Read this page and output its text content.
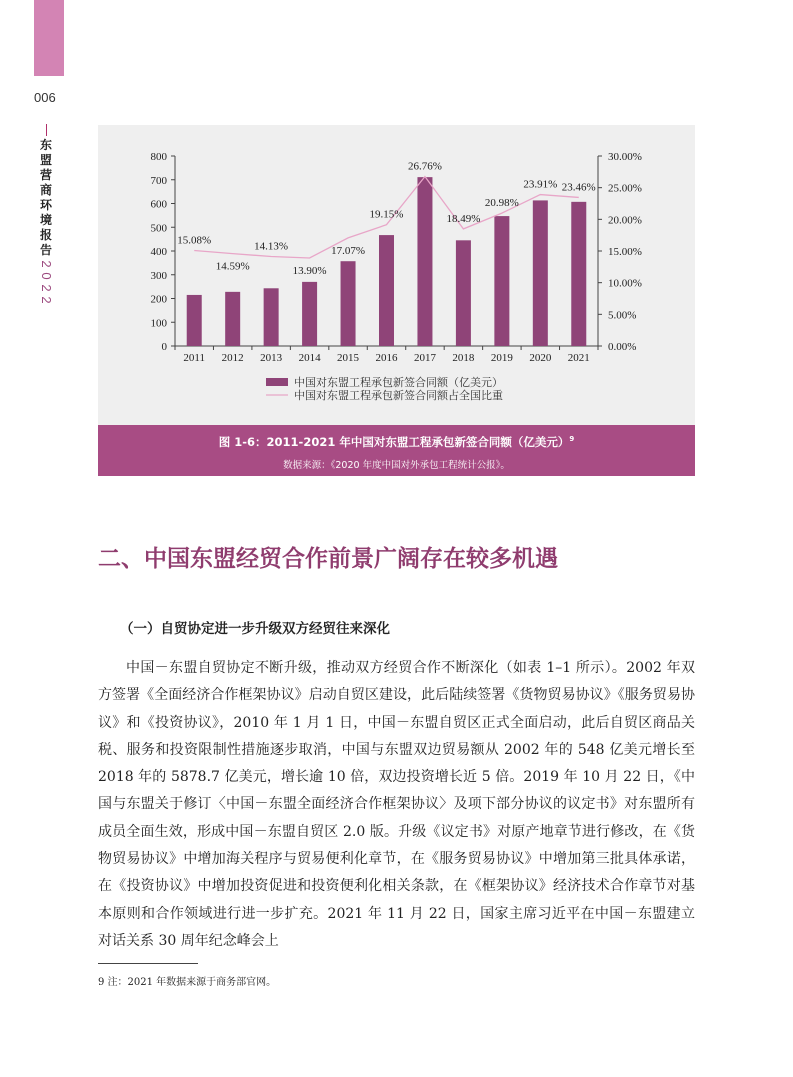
006
东
盟
营
商
环
境
报
告
2
0
2
2
0
100
200
300
400
500
600
700
800
0.00%
5.00%
10.00%
15.00%
20.00%
25.00%
30.00%
2011 2012 2013 2014 2015 2016 2017 2018 2019 2020 2021
15.08%
14.59%
14.13%
13.90%
17.07%
19.15%
26.76%
18.49%
20.98%
23.91% 23.46%
中国对东盟工程承包新签合同额（亿美元）
中国对东盟工程承包新签合同额占全国比重
图 1-6：2011-2021 年中国对东盟工程承包新签合同额（亿美元）$^9$
数据来源：《2020 年度中国对外承包工程统计公报》。
二、中国东盟经贸合作前景广阔存在较多机遇
（一）自贸协定进一步升级双方经贸往来深化

中国－东盟自贸协定不断升级，推动双方经贸合作不断深化（如表 1–1 所示）。2002 年双方签署《全面经济合作框架协议》启动自贸区建设，此后陆续签署《货物贸易协议》《服务贸易协议》和《投资协议》，2010 年 1 月 1 日，中国－东盟自贸区正式全面启动，此后自贸区商品关税、服务和投资限制性措施逐步取消，中国与东盟双边贸易额从 2002 年的 548 亿美元增长至 2018 年的 5878.7 亿美元，增长逾 10 倍，双边投资增长近 5 倍。2019 年 10 月 22 日，《中国与东盟关于修订〈中国－东盟全面经济合作框架协议〉及项下部分协议的议定书》对东盟所有成员全面生效，形成中国－东盟自贸区 2.0 版。升级《议定书》对原产地章节进行修改，在《货物贸易协议》中增加海关程序与贸易便利化章节，在《服务贸易协议》中增加第三批具体承诺，在《投资协议》中增加投资促进和投资便利化相关条款，在《框架协议》经济技术合作章节对基本原则和合作领域进行进一步扩充。2021 年 11 月 22 日，国家主席习近平在中国－东盟建立对话关系 30 周年纪念峰会上

9 注：2021 年数据来源于商务部官网。
